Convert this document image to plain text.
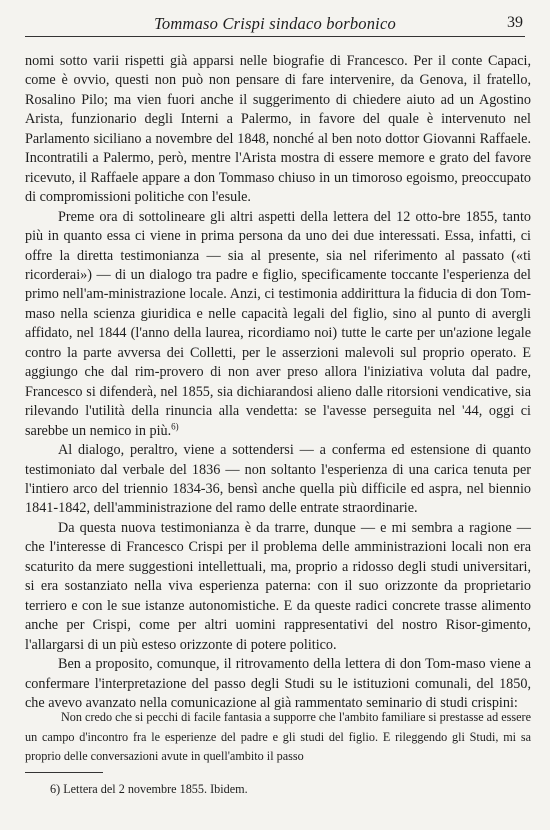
Tommaso Crispi sindaco borbonico	39

nomi sotto varii rispetti già apparsi nelle biografie di Francesco. Per il conte Capaci, come è ovvio, questi non può non pensare di fare intervenire, da Genova, il fratello, Rosalino Pilo; ma vien fuori anche il suggerimento di chiedere aiuto ad un Agostino Arista, funzionario degli Interni a Palermo, in favore del quale è intervenuto nel Parlamento siciliano a novembre del 1848, nonché al ben noto dottor Giovanni Raffaele. Incontratili a Palermo, però, mentre l'Arista mostra di essere memore e grato del favore ricevuto, il Raffaele appare a don Tommaso chiuso in un timoroso egoismo, preoccupato di compromissioni politiche con l'esule.

Preme ora di sottolineare gli altri aspetti della lettera del 12 otto-bre 1855, tanto più in quanto essa ci viene in prima persona da uno dei due interessati. Essa, infatti, ci offre la diretta testimonianza — sia al presente, sia nel riferimento al passato («ti ricorderai») — di un dialogo tra padre e figlio, specificamente toccante l'esperienza del primo nell'am-ministrazione locale. Anzi, ci testimonia addirittura la fiducia di don Tom-maso nella scienza giuridica e nelle capacità legali del figlio, sino al punto di avergli affidato, nel 1844 (l'anno della laurea, ricordiamo noi) tutte le carte per un'azione legale contro la parte avversa dei Colletti, per le asserzioni malevoli sul proprio operato. E aggiungo che dal rim-provero di non aver preso allora l'iniziativa voluta dal padre, Francesco si difenderà, nel 1855, sia dichiarandosi alieno dalle ritorsioni vendicative, sia rilevando l'utilità della rinuncia alla vendetta: se l'avesse perseguita nel '44, oggi ci sarebbe un nemico in più.$^{6)}$

Al dialogo, peraltro, viene a sottendersi — a conferma ed estensione di quanto testimoniato dal verbale del 1836 — non soltanto l'esperienza di una carica tenuta per l'intiero arco del triennio 1834-36, bensì anche quella più difficile ed aspra, nel biennio 1841-1842, dell'amministrazione del ramo delle entrate straordinarie.

Da questa nuova testimonianza è da trarre, dunque — e mi sembra a ragione — che l'interesse di Francesco Crispi per il problema delle amministrazioni locali non era scaturito da mere suggestioni intellettuali, ma, proprio a ridosso degli studi universitari, si era sostanziato nella viva esperienza paterna: con il suo orizzonte da proprietario terriero e con le sue istanze autonomistiche. E da queste radici concrete trasse alimento anche per Crispi, come per altri uomini rappresentativi del nostro Risor-gimento, l'allargarsi di un più esteso orizzonte di potere politico.

Ben a proposito, comunque, il ritrovamento della lettera di don Tom-maso viene a confermare l'interpretazione del passo degli Studi su le istituzioni comunali, del 1850, che avevo avanzato nella comunicazione al già rammentato seminario di studi crispini:

Non credo che si pecchi di facile fantasia a supporre che l'ambito familiare si prestasse ad essere un campo d'incontro fra le esperienze del padre e gli studi del figlio. E rileggendo gli Studi, mi sa proprio delle conversazioni avute in quell'ambito il passo

6) Lettera del 2 novembre 1855. Ibidem.
